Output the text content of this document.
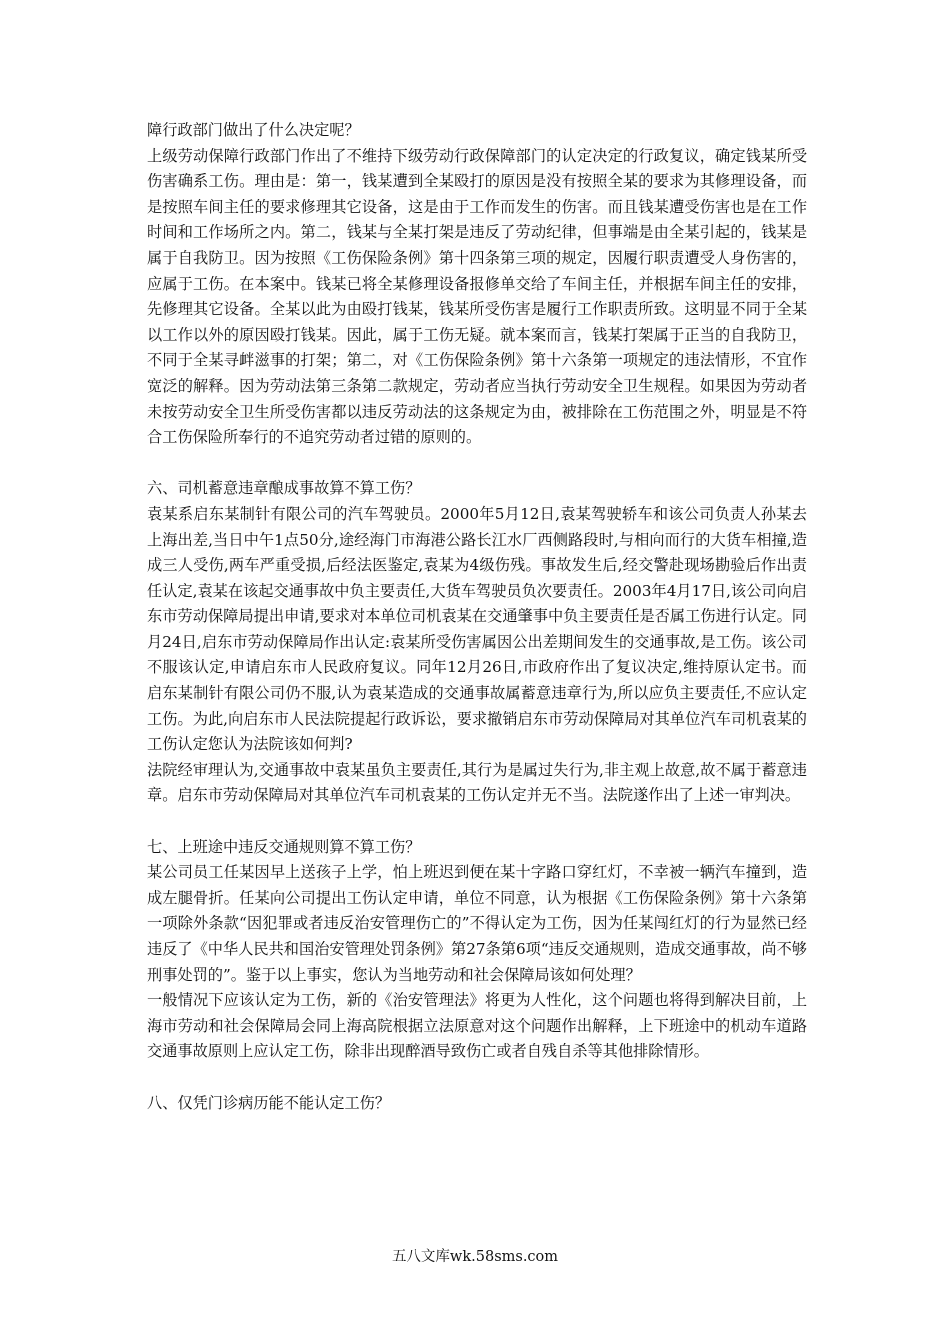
障行政部门做出了什么决定呢？

上级劳动保障行政部门作出了不维持下级劳动行政保障部门的认定决定的行政复议，确定钱某所受伤害确系工伤。理由是：第一，钱某遭到全某殴打的原因是没有按照全某的要求为其修理设备，而是按照车间主任的要求修理其它设备，这是由于工作而发生的伤害。而且钱某遭受伤害也是在工作时间和工作场所之内。第二，钱某与全某打架是违反了劳动纪律，但事端是由全某引起的，钱某是属于自我防卫。因为按照《工伤保险条例》第十四条第三项的规定，因履行职责遭受人身伤害的，应属于工伤。在本案中。钱某已将全某修理设备报修单交给了车间主任，并根据车间主任的安排，先修理其它设备。全某以此为由殴打钱某，钱某所受伤害是履行工作职责所致。这明显不同于全某以工作以外的原因殴打钱某。因此，属于工伤无疑。就本案而言，钱某打架属于正当的自我防卫，不同于全某寻衅滋事的打架；第二，对《工伤保险条例》第十六条第一项规定的违法情形，不宜作宽泛的解释。因为劳动法第三条第二款规定，劳动者应当执行劳动安全卫生规程。如果因为劳动者未按劳动安全卫生所受伤害都以违反劳动法的这条规定为由，被排除在工伤范围之外，明显是不符合工伤保险所奉行的不追究劳动者过错的原则的。

六、司机蓄意违章酿成事故算不算工伤？

袁某系启东某制针有限公司的汽车驾驶员。2000年5月12日,袁某驾驶轿车和该公司负责人孙某去上海出差,当日中午1点50分,途经海门市海港公路长江水厂西侧路段时,与相向而行的大货车相撞,造成三人受伤,两车严重受损,后经法医鉴定,袁某为4级伤残。事故发生后,经交警赴现场勘验后作出责任认定,袁某在该起交通事故中负主要责任,大货车驾驶员负次要责任。2003年4月17日,该公司向启东市劳动保障局提出申请,要求对本单位司机袁某在交通肇事中负主要责任是否属工伤进行认定。同月24日,启东市劳动保障局作出认定:袁某所受伤害属因公出差期间发生的交通事故,是工伤。该公司不服该认定,申请启东市人民政府复议。同年12月26日,市政府作出了复议决定,维持原认定书。而启东某制针有限公司仍不服,认为袁某造成的交通事故属蓄意违章行为,所以应负主要责任,不应认定工伤。为此,向启东市人民法院提起行政诉讼，要求撤销启东市劳动保障局对其单位汽车司机袁某的工伤认定您认为法院该如何判?

法院经审理认为,交通事故中袁某虽负主要责任,其行为是属过失行为,非主观上故意,故不属于蓄意违章。启东市劳动保障局对其单位汽车司机袁某的工伤认定并无不当。法院遂作出了上述一审判决。

七、上班途中违反交通规则算不算工伤？

某公司员工任某因早上送孩子上学，怕上班迟到便在某十字路口穿红灯，不幸被一辆汽车撞到，造成左腿骨折。任某向公司提出工伤认定申请，单位不同意，认为根据《工伤保险条例》第十六条第一项除外条款“因犯罪或者违反治安管理伤亡的”不得认定为工伤，因为任某闯红灯的行为显然已经违反了《中华人民共和国治安管理处罚条例》第27条第6项“违反交通规则，造成交通事故，尚不够刑事处罚的”。鉴于以上事实，您认为当地劳动和社会保障局该如何处理？

一般情况下应该认定为工伤，新的《治安管理法》将更为人性化，这个问题也将得到解决目前，上海市劳动和社会保障局会同上海高院根据立法原意对这个问题作出解释，上下班途中的机动车道路交通事故原则上应认定工伤，除非出现醉酒导致伤亡或者自残自杀等其他排除情形。

八、仅凭门诊病历能不能认定工伤？

五八文库wk.58sms.com
